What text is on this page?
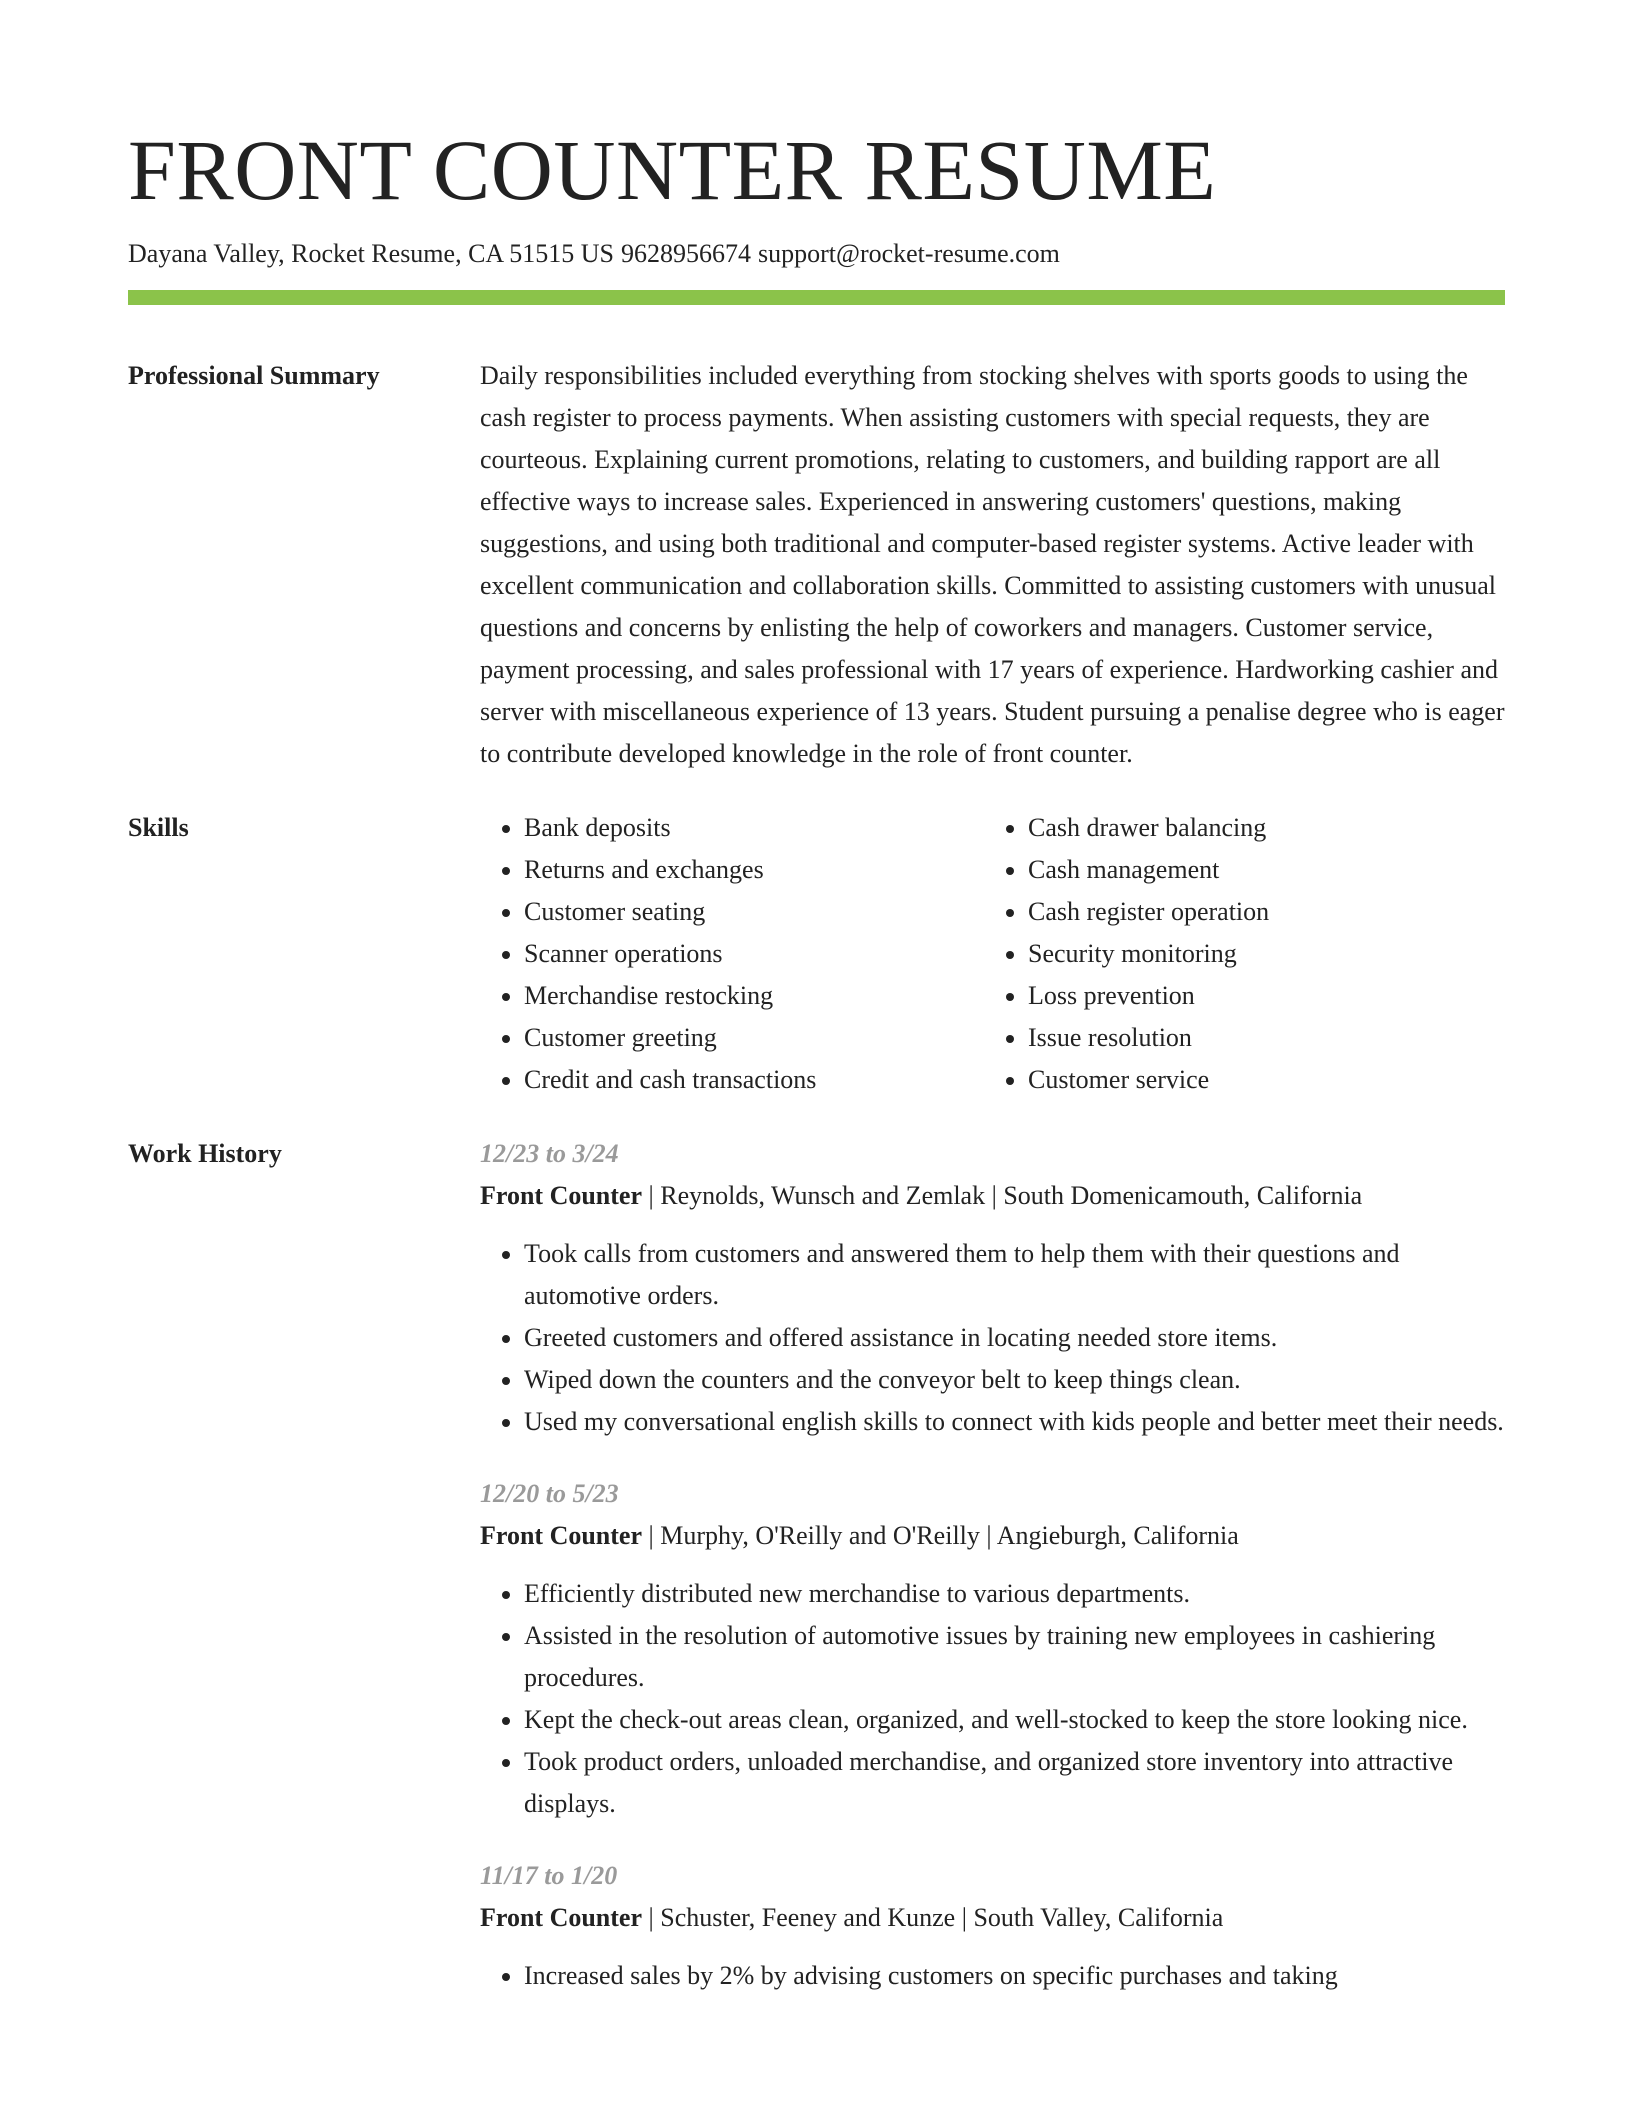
FRONT COUNTER RESUME
Dayana Valley, Rocket Resume, CA 51515 US 9628956674 support@rocket-resume.com
Professional Summary	Daily responsibilities included everything from stocking shelves with sports goods to using the cash register to process payments. When assisting customers with special requests, they are courteous. Explaining current promotions, relating to customers, and building rapport are all effective ways to increase sales. Experienced in answering customers' questions, making suggestions, and using both traditional and computer-based register systems. Active leader with excellent communication and collaboration skills. Committed to assisting customers with unusual questions and concerns by enlisting the help of coworkers and managers. Customer service, payment processing, and sales professional with 17 years of experience. Hardworking cashier and server with miscellaneous experience of 13 years. Student pursuing a penalise degree who is eager to contribute developed knowledge in the role of front counter.

Skills
•	Bank deposits
• Returns and exchanges
• Customer seating
• Scanner operations
• Merchandise restocking
• Customer greeting
• Credit and cash transactions
• Cash drawer balancing
• Cash management
• Cash register operation
• Security monitoring
• Loss prevention
• Issue resolution
• Customer service
Work History	12/23 to 3/24
Front Counter | Reynolds, Wunsch and Zemlak | South Domenicamouth, California
• Took calls from customers and answered them to help them with their questions and automotive orders.
• Greeted customers and offered assistance in locating needed store items.
• Wiped down the counters and the conveyor belt to keep things clean.
• Used my conversational english skills to connect with kids people and better meet their needs.
12/20 to 5/23
Front Counter | Murphy, O'Reilly and O'Reilly | Angieburgh, California
• Efficiently distributed new merchandise to various departments.
• Assisted in the resolution of automotive issues by training new employees in cashiering procedures.
• Kept the check-out areas clean, organized, and well-stocked to keep the store looking nice.
• Took product orders, unloaded merchandise, and organized store inventory into attractive displays.
11/17 to 1/20
Front Counter | Schuster, Feeney and Kunze | South Valley, California
• Increased sales by 2% by advising customers on specific purchases and taking
